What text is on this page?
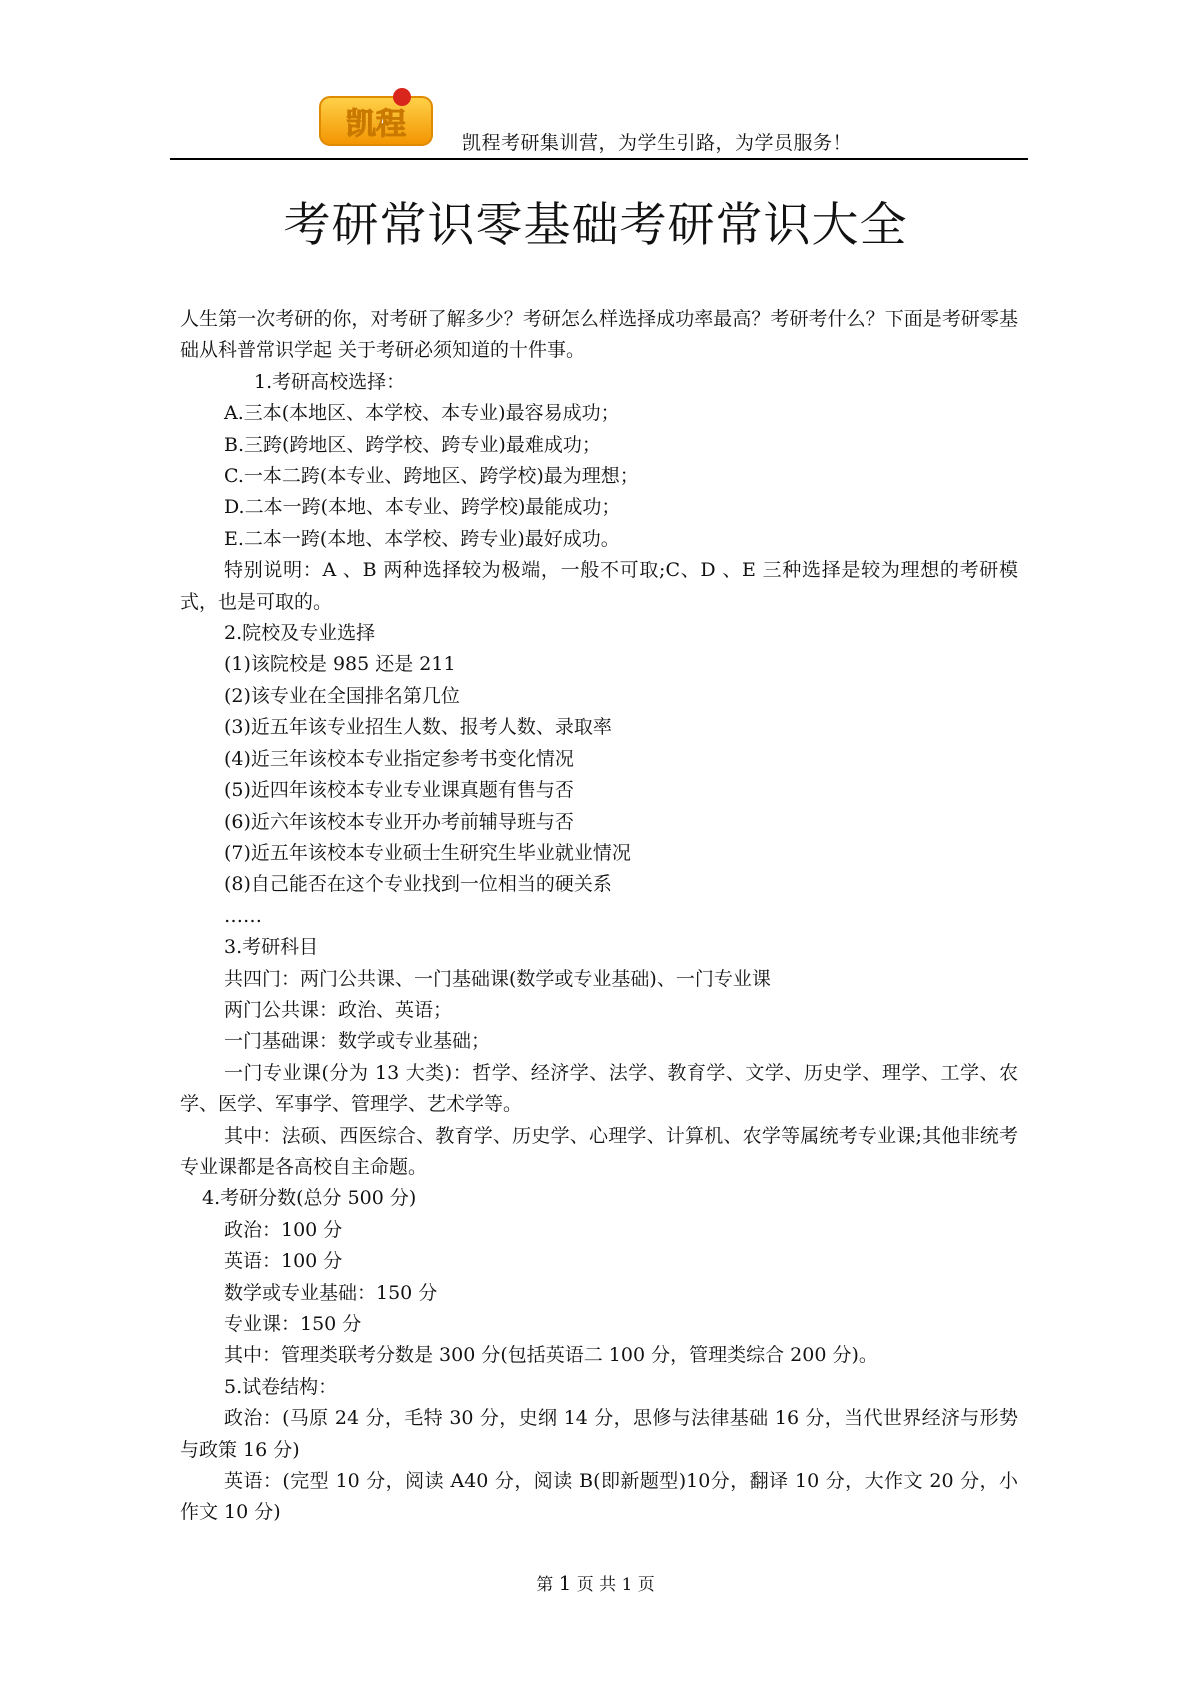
凯程
凯程考研集训营，为学生引路，为学员服务！
考研常识零基础考研常识大全

人生第一次考研的你，对考研了解多少？考研怎么样选择成功率最高？考研考什么？下面是考研零基础从科普常识学起 关于考研必须知道的十件事。

1.考研高校选择：

A.三本(本地区、本学校、本专业)最容易成功；

B.三跨(跨地区、跨学校、跨专业)最难成功；

C.一本二跨(本专业、跨地区、跨学校)最为理想；

D.二本一跨(本地、本专业、跨学校)最能成功；

E.二本一跨(本地、本学校、跨专业)最好成功。

特别说明：A 、B 两种选择较为极端，一般不可取;C、D 、E 三种选择是较为理想的考研模式，也是可取的。

2.院校及专业选择

(1)该院校是 985 还是 211

(2)该专业在全国排名第几位

(3)近五年该专业招生人数、报考人数、录取率

(4)近三年该校本专业指定参考书变化情况

(5)近四年该校本专业专业课真题有售与否

(6)近六年该校本专业开办考前辅导班与否

(7)近五年该校本专业硕士生研究生毕业就业情况

(8)自己能否在这个专业找到一位相当的硬关系

……

3.考研科目

共四门：两门公共课、一门基础课(数学或专业基础)、一门专业课

两门公共课：政治、英语；

一门基础课：数学或专业基础；

一门专业课(分为 13 大类)：哲学、经济学、法学、教育学、文学、历史学、理学、工学、农学、医学、军事学、管理学、艺术学等。

其中：法硕、西医综合、教育学、历史学、心理学、计算机、农学等属统考专业课;其他非统考专业课都是各高校自主命题。

4.考研分数(总分 500 分)

政治：100 分

英语：100 分

数学或专业基础：150 分

专业课：150 分

其中：管理类联考分数是 300 分(包括英语二 100 分，管理类综合 200 分)。

5.试卷结构：

政治：(马原 24 分，毛特 30 分，史纲 14 分，思修与法律基础 16 分，当代世界经济与形势与政策 16 分)

英语：(完型 10 分，阅读 A40 分，阅读 B(即新题型)10分，翻译 10 分，大作文 20 分，小作文 10 分)

第 1 页 共 1 页
